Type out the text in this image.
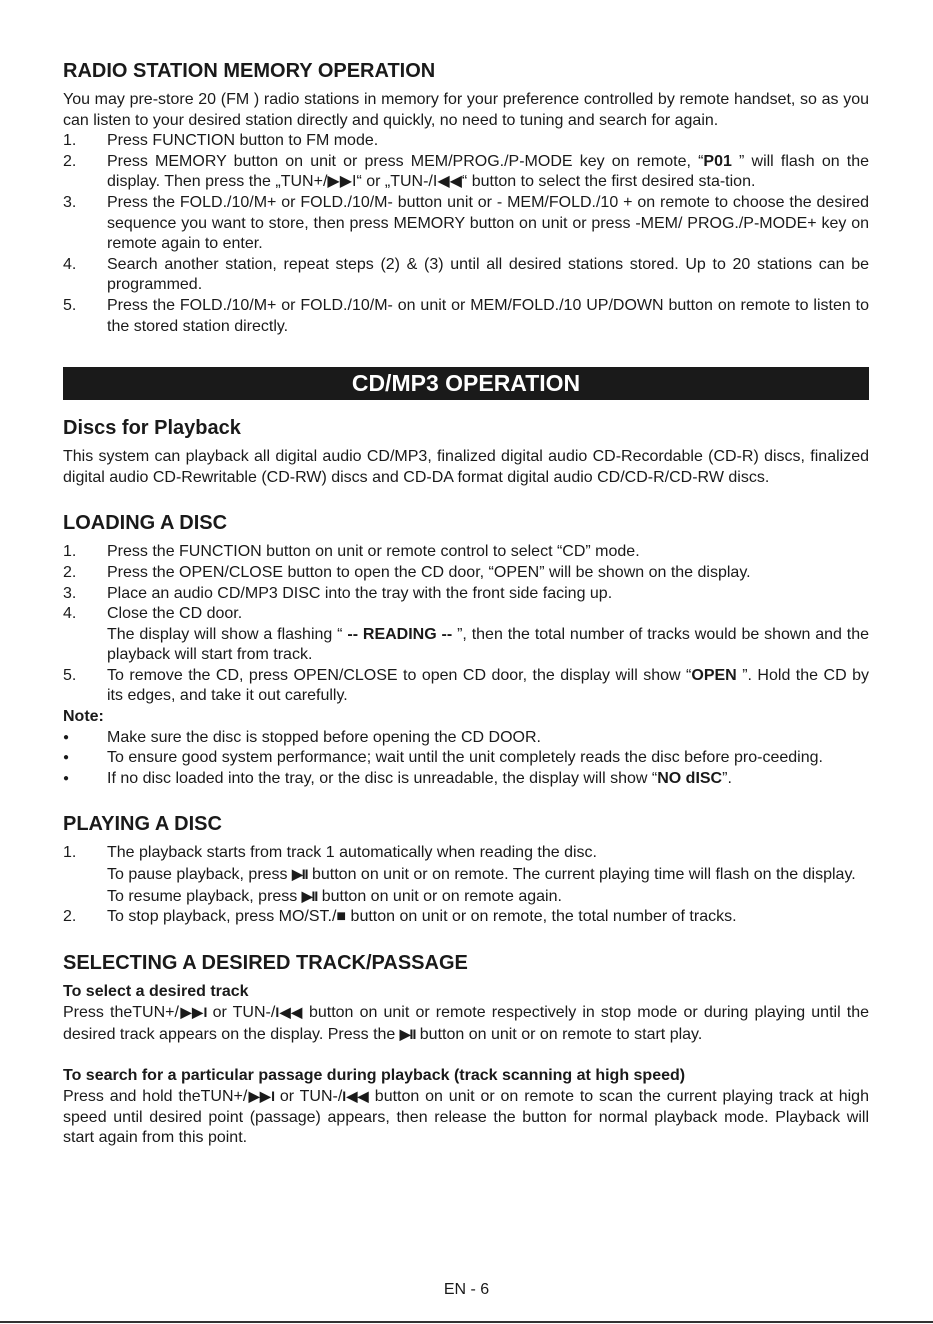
RADIO STATION MEMORY OPERATION

You may pre-store 20 (FM ) radio stations in memory for your preference controlled by remote handset, so as you can listen to your desired station directly and quickly, no need to tuning and search for again.

1. Press FUNCTION button to FM mode.
2. Press MEMORY button on unit or press MEM/PROG./P-MODE key on remote, “P01 ” will flash on the display. Then press the „TUN+/▶▶I“ or „TUN-/I◀◀“ button to select the first desired sta-tion.
3. Press the FOLD./10/M+ or FOLD./10/M- button unit or - MEM/FOLD./10 + on remote to choose the desired sequence you want to store, then press MEMORY button on unit or press -MEM/ PROG./P-MODE+ key on remote again to enter.
4. Search another station, repeat steps (2) & (3) until all desired stations stored. Up to 20 stations can be programmed.
5. Press the FOLD./10/M+ or FOLD./10/M- on unit or MEM/FOLD./10 UP/DOWN button on remote to listen to the stored station directly.
CD/MP3 OPERATION
Discs for Playback

This system can playback all digital audio CD/MP3, finalized digital audio CD-Recordable (CD-R) discs, finalized digital audio CD-Rewritable (CD-RW) discs and CD-DA format digital audio CD/CD-R/CD-RW discs.

LOADING A DISC
1. Press the FUNCTION button on unit or remote control to select “CD” mode.
2. Press the OPEN/CLOSE button to open the CD door, “OPEN” will be shown on the display.
3. Place an audio CD/MP3 DISC into the tray with the front side facing up.
4. Close the CD door.
The display will show a flashing “ -- READING -- ”, then the total number of tracks would be shown and the playback will start from track.
5. To remove the CD, press OPEN/CLOSE to open CD door, the display will show “OPEN ”. Hold the CD by its edges, and take it out carefully.
Note:
● Make sure the disc is stopped before opening the CD DOOR.
● To ensure good system performance; wait until the unit completely reads the disc before pro-ceeding.
● If no disc loaded into the tray, or the disc is unreadable, the display will show “NO dISC”.
PLAYING A DISC
1. The playback starts from track 1 automatically when reading the disc.
To pause playback, press ▶II button on unit or on remote. The current playing time will flash on the display.
To resume playback, press ▶II button on unit or on remote again.
2. To stop playback, press MO/ST./■ button on unit or on remote, the total number of tracks.
SELECTING A DESIRED TRACK/PASSAGE
To select a desired track

Press theTUN+/▶▶I or TUN-/I◀◀ button on unit or remote respectively in stop mode or during playing until the desired track appears on the display. Press the ▶II button on unit or on remote to start play.

To search for a particular passage during playback (track scanning at high speed)

Press and hold theTUN+/▶▶I or TUN-/I◀◀ button on unit or on remote to scan the current playing track at high speed until desired point (passage) appears, then release the button for normal playback mode. Playback will start again from this point.

EN - 6
